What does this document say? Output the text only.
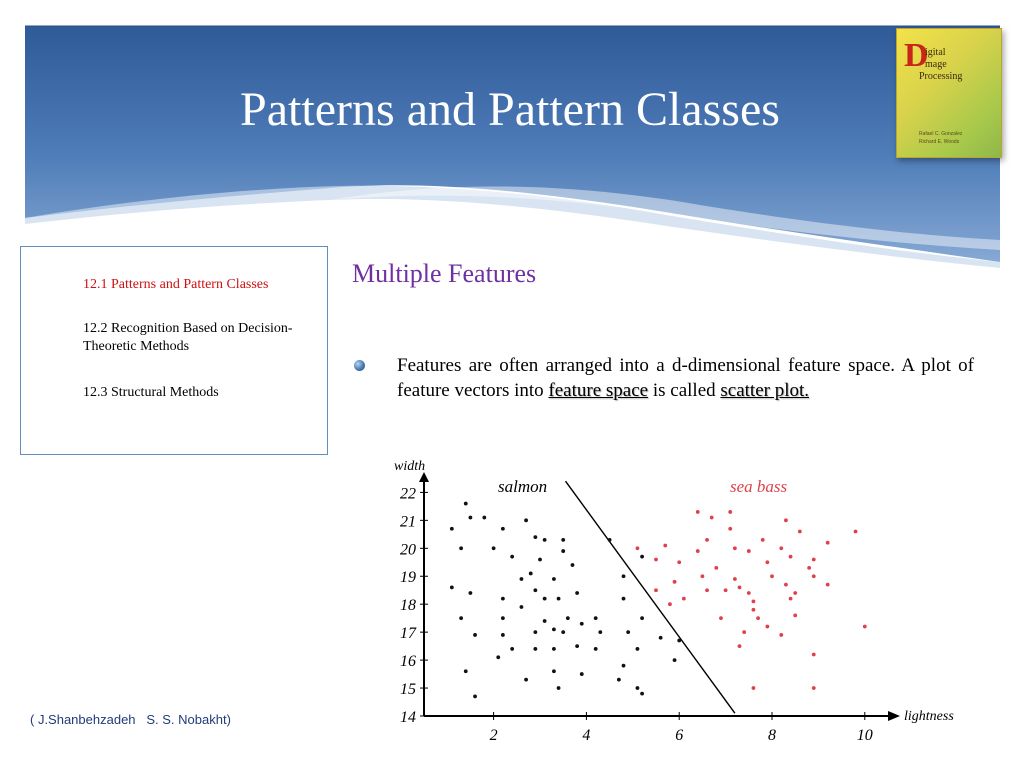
Patterns and Pattern Classes
D
igital
mage
Processing
Rafael C. Gonzalez
Richard E. Woods
12.1 Patterns and Pattern Classes
12.2 Recognition Based on Decision-Theoretic Methods
12.3 Structural Methods
Multiple Features
Features are often arranged into a d-dimensional feature space. A plot of feature vectors into feature space is called scatter plot.
14
15
16
17
18
19
20
21
22
2	4	6	8	10
width
lightness
salmon	sea bass
( J.Shanbehzadeh   S. S. Nobakht)
